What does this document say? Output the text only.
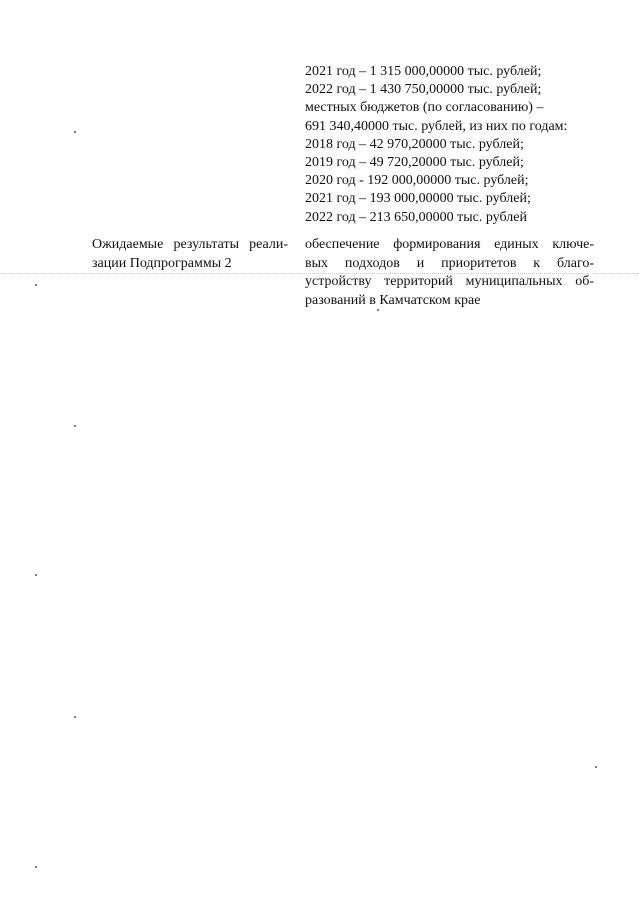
2021 год – 1 315 000,00000 тыс. рублей;
2022 год – 1 430 750,00000 тыс. рублей;
местных бюджетов (по согласованию) –
691 340,40000 тыс. рублей, из них по годам:
2018 год – 42 970,20000 тыс. рублей;
2019 год – 49 720,20000 тыс. рублей;
2020 год - 192 000,00000 тыс. рублей;
2021 год – 193 000,00000 тыс. рублей;
2022 год – 213 650,00000 тыс. рублей
Ожидаемые результаты реали-
зации Подпрограммы 2
обеспечение формирования единых ключе-
вых подходов и приоритетов к благо-
устройству территорий муниципальных об-
разований в Камчатском крае
